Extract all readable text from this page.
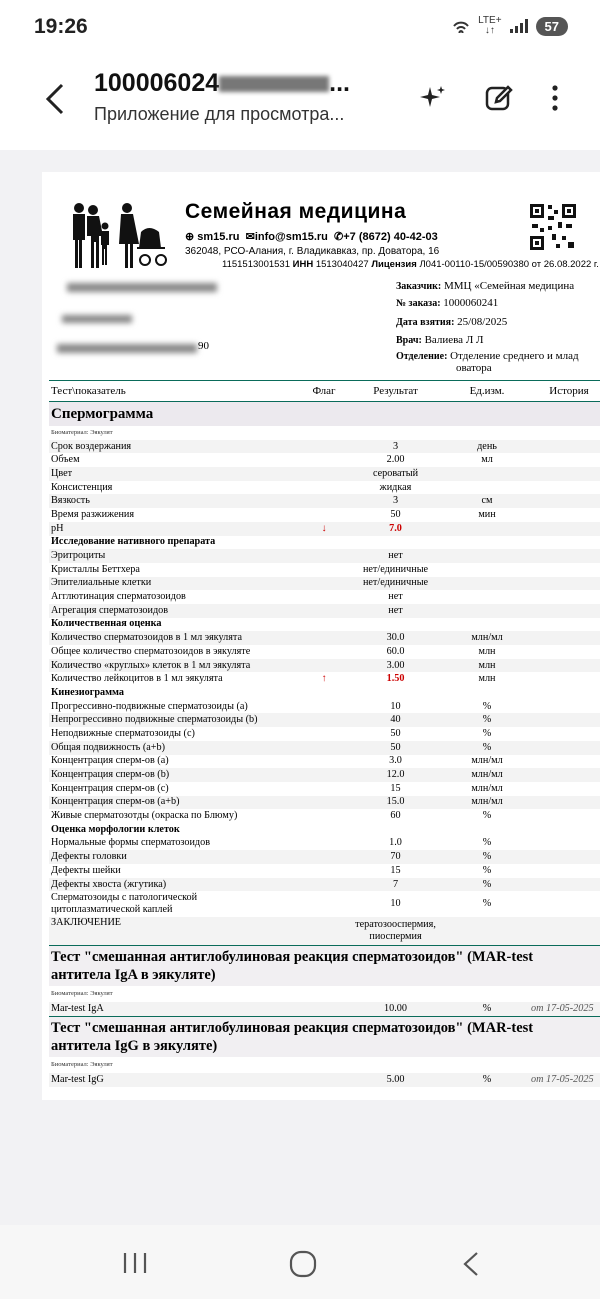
19:26	LTE+
↓↑	57
100006024	...
Приложение для просмотра...
Семейная медицина
⊕ sm15.ru  ✉info@sm15.ru  ✆+7 (8672) 40-42-03
362048, РСО-Алания, г. Владикавказ, пр. Доватора, 16
1151513001531 ИНН 1513040427 Лицензия Л041-00110-15/00590380 от 26.08.2022 г.
90
Заказчик: ММЦ «Семейная медицина
№ заказа: 1000060241
Дата взятия: 25/08/2025
Врач: Валиева Л Л
Отделение: Отделение среднего и млад
оватора
Тест\показатель	Флаг	Результат	Ед.изм.	История
Спермограмма				
Биоматериал: Эякулят				
Срок воздержания		3	день	
Объем		2.00	мл	
Цвет		сероватый		
Консистенция		жидкая		
Вязкость		3	см	
Время разжижения		50	мин	
pH	↓	7.0		
Исследование нативного препарата				
Эритроциты		нет		
Кристаллы Беттхера		нет/единичные		
Эпителиальные клетки		нет/единичные		
Агглютинация сперматозоидов		нет		
Агрегация сперматозоидов		нет		
Количественная оценка				
Количество сперматозоидов в 1 мл эякулята		30.0	млн/мл	
Общее количество сперматозоидов в эякуляте		60.0	млн	
Количество «круглых» клеток в 1 мл эякулята		3.00	млн	
Количество лейкоцитов в 1 мл эякулята	↑	1.50	млн	
Кинезиограмма				
Прогрессивно-подвижные сперматозоиды (a)		10	%	
Непрогрессивно подвижные сперматозоиды (b)		40	%	
Неподвижные сперматозоиды (c)		50	%	
Общая подвижность (a+b)		50	%	
Концентрация сперм-ов (a)		3.0	млн/мл	
Концентрация сперм-ов (b)		12.0	млн/мл	
Концентрация сперм-ов (c)		15	млн/мл	
Концентрация сперм-ов (a+b)		15.0	млн/мл	
Живые сперматозотды (окраска по Блюму)		60	%	
Оценка морфологии клеток				
Нормальные формы сперматозоидов		1.0	%	
Дефекты головки		70	%	
Дефекты шейки		15	%	
Дефекты хвоста (жгутика)		7	%	

Сперматозоиды с патологической
цитоплазматической каплей		10	%	
ЗАКЛЮЧЕНИЕ		тератозооспермия,
пиоспермия		

Тест "смешанная антиглобулиновая реакция сперматозоидов" (MAR-test
антитела IgA в эякуляте)				

Биоматериал: Эякулят				
Mar-test IgA		10.00	%	от 17-05-2025

Тест "смешанная антиглобулиновая реакция сперматозоидов" (MAR-test
антитела IgG в эякуляте)				

Биоматериал: Эякулят				
Mar-test IgG		5.00	%	от 17-05-2025
